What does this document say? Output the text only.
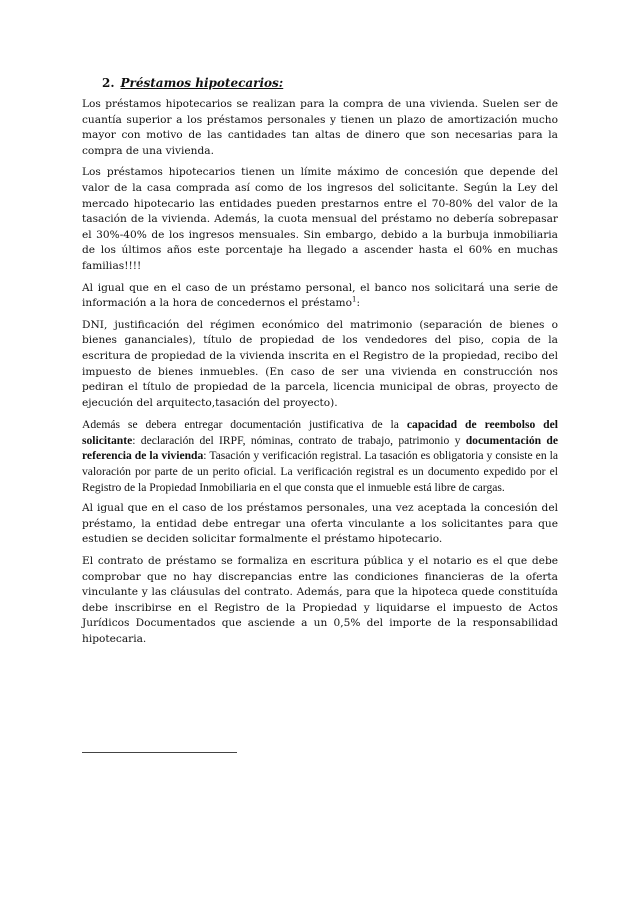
2. Préstamos hipotecarios:

Los préstamos hipotecarios se realizan para la compra de una vivienda. Suelen ser de cuantía superior a los préstamos personales y tienen un plazo de amortización mucho mayor con motivo de las cantidades tan altas de dinero que son necesarias para la compra de una vivienda.

Los préstamos hipotecarios tienen un límite máximo de concesión que depende del valor de la casa comprada así como de los ingresos del solicitante. Según la Ley del mercado hipotecario las entidades pueden prestarnos entre el 70-80% del valor de la tasación de la vivienda. Además, la cuota mensual del préstamo no debería sobrepasar el 30%-40% de los ingresos mensuales. Sin embargo, debido a la burbuja inmobiliaria de los últimos años este porcentaje ha llegado a ascender hasta el 60% en muchas familias!!!!

Al igual que en el caso de un préstamo personal, el banco nos solicitará una serie de información a la hora de concedernos el préstamo$^1$:

DNI, justificación del régimen económico del matrimonio (separación de bienes o bienes gananciales), título de propiedad de los vendedores del piso, copia de la escritura de propiedad de la vivienda inscrita en el Registro de la propiedad, recibo del impuesto de bienes inmuebles. (En caso de ser una vivienda en construcción nos pediran el título de propiedad de la parcela, licencia municipal de obras, proyecto de ejecución del arquitecto,tasación del proyecto).

Además se debera entregar documentación justificativa de la capacidad de reembolso del solicitante: declaración del IRPF, nóminas, contrato de trabajo, patrimonio y documentación de referencia de la vivienda: Tasación y verificación registral. La tasación es obligatoria y consiste en la valoración por parte de un perito oficial. La verificación registral es un documento expedido por el Registro de la Propiedad Inmobiliaria en el que consta que el inmueble está libre de cargas.

Al igual que en el caso de los préstamos personales, una vez aceptada la concesión del préstamo, la entidad debe entregar una oferta vinculante a los solicitantes para que estudien se deciden solicitar formalmente el préstamo hipotecario.

El contrato de préstamo se formaliza en escritura pública y el notario es el que debe comprobar que no hay discrepancias entre las condiciones financieras de la oferta vinculante y las cláusulas del contrato. Además, para que la hipoteca quede constituída debe inscribirse en el Registro de la Propiedad y liquidarse el impuesto de Actos Jurídicos Documentados que asciende a un 0,5% del importe de la responsabilidad hipotecaria.
